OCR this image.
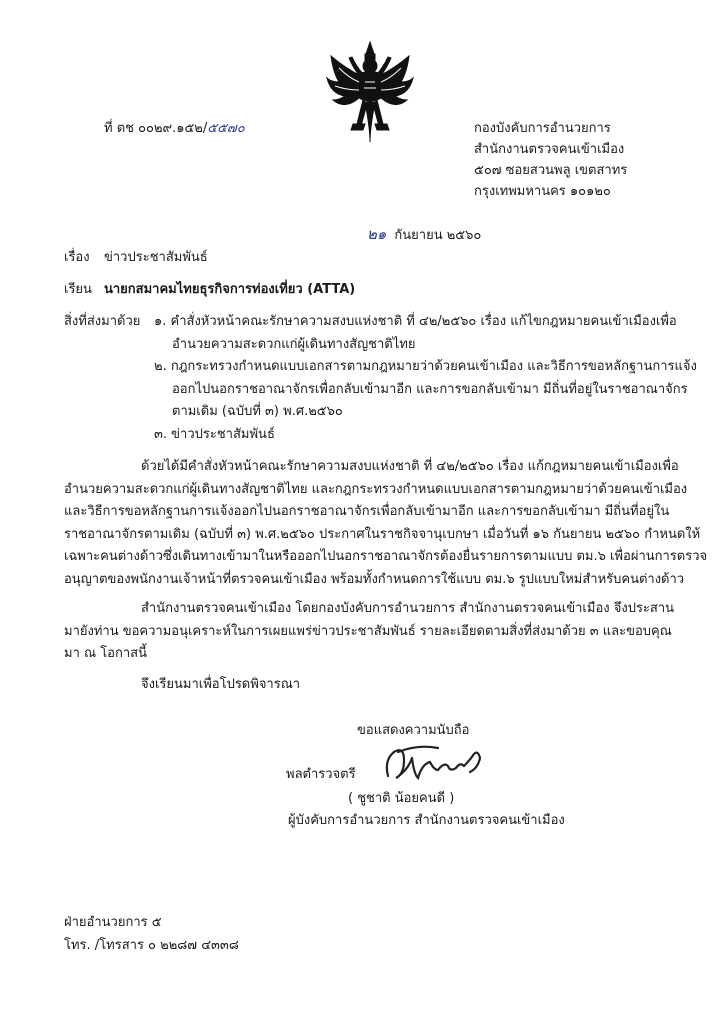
ที่ ตช ๐๐๒๙.๑๕๒/๕๕๗๐	กองบังคับการอำนวยการ
สำนักงานตรวจคนเข้าเมือง
๕๐๗ ซอยสวนพลู เขตสาทร
กรุงเทพมหานคร ๑๐๑๒๐
๒๑ กันยายน ๒๕๖๐
เรื่อง ข่าวประชาสัมพันธ์
เรียน นายกสมาคมไทยธุรกิจการท่องเที่ยว (ATTA)
สิ่งที่ส่งมาด้วย ๑. คำสั่งหัวหน้าคณะรักษาความสงบแห่งชาติ ที่ ๔๒/๒๕๖๐ เรื่อง แก้ไขกฎหมายคนเข้าเมืองเพื่อ
อำนวยความสะดวกแก่ผู้เดินทางสัญชาติไทย
๒. กฎกระทรวงกำหนดแบบเอกสารตามกฎหมายว่าด้วยคนเข้าเมือง และวิธีการขอหลักฐานการแจ้ง
ออกไปนอกราชอาณาจักรเพื่อกลับเข้ามาอีก และการขอกลับเข้ามา มีถิ่นที่อยู่ในราชอาณาจักร
ตามเดิม (ฉบับที่ ๓) พ.ศ.๒๕๖๐
๓. ข่าวประชาสัมพันธ์
ด้วยได้มีคำสั่งหัวหน้าคณะรักษาความสงบแห่งชาติ ที่ ๔๒/๒๕๖๐ เรื่อง แก้กฎหมายคนเข้าเมืองเพื่อ
อำนวยความสะดวกแก่ผู้เดินทางสัญชาติไทย และกฎกระทรวงกำหนดแบบเอกสารตามกฎหมายว่าด้วยคนเข้าเมือง
และวิธีการขอหลักฐานการแจ้งออกไปนอกราชอาณาจักรเพื่อกลับเข้ามาอีก และการขอกลับเข้ามา มีถิ่นที่อยู่ใน
ราชอาณาจักรตามเดิม (ฉบับที่ ๓) พ.ศ.๒๕๖๐ ประกาศในราชกิจจานุเบกษา เมื่อวันที่ ๑๖ กันยายน ๒๕๖๐ กำหนดให้
เฉพาะคนต่างด้าวซึ่งเดินทางเข้ามาในหรือออกไปนอกราชอาณาจักรต้องยื่นรายการตามแบบ ตม.๖ เพื่อผ่านการตรวจ
อนุญาตของพนักงานเจ้าหน้าที่ตรวจคนเข้าเมือง พร้อมทั้งกำหนดการใช้แบบ ตม.๖ รูปแบบใหม่สำหรับคนต่างด้าว
สำนักงานตรวจคนเข้าเมือง โดยกองบังคับการอำนวยการ สำนักงานตรวจคนเข้าเมือง จึงประสาน
มายังท่าน ขอความอนุเคราะห์ในการเผยแพร่ข่าวประชาสัมพันธ์ รายละเอียดตามสิ่งที่ส่งมาด้วย ๓ และขอบคุณ
มา ณ โอกาสนี้
จึงเรียนมาเพื่อโปรดพิจารณา
ขอแสดงความนับถือ
พลตำรวจตรี
( ชูชาติ น้อยคนดี )
ผู้บังคับการอำนวยการ สำนักงานตรวจคนเข้าเมือง
ฝ่ายอำนวยการ ๕
โทร. /โทรสาร ๐ ๒๒๘๗ ๔๓๓๘
